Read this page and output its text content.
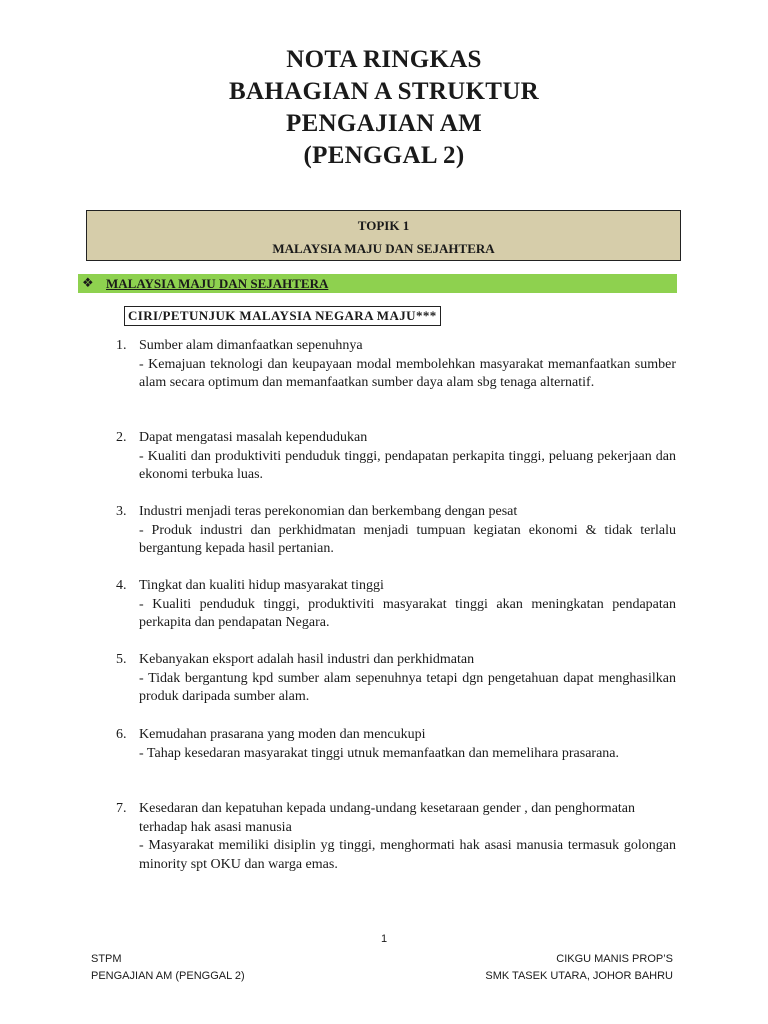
NOTA RINGKAS
BAHAGIAN A STRUKTUR
PENGAJIAN AM
(PENGGAL 2)
TOPIK 1
MALAYSIA MAJU DAN SEJAHTERA
❖ MALAYSIA MAJU DAN SEJAHTERA
CIRI/PETUNJUK MALAYSIA NEGARA MAJU***
1. Sumber alam dimanfaatkan sepenuhnya
- Kemajuan teknologi dan keupayaan modal membolehkan masyarakat memanfaatkan sumber alam secara optimum dan memanfaatkan sumber daya alam sbg tenaga alternatif.
2. Dapat mengatasi masalah kependudukan
- Kualiti dan produktiviti penduduk tinggi, pendapatan perkapita tinggi, peluang pekerjaan dan ekonomi terbuka luas.
3. Industri menjadi teras perekonomian dan berkembang dengan pesat
- Produk industri dan perkhidmatan menjadi tumpuan kegiatan ekonomi & tidak terlalu bergantung kepada hasil pertanian.
4. Tingkat dan kualiti hidup masyarakat tinggi
- Kualiti penduduk tinggi, produktiviti masyarakat tinggi akan meningkatan pendapatan perkapita dan pendapatan Negara.
5. Kebanyakan eksport adalah hasil industri dan perkhidmatan
- Tidak bergantung kpd sumber alam sepenuhnya tetapi dgn pengetahuan dapat menghasilkan produk daripada sumber alam.
6. Kemudahan prasarana yang moden dan mencukupi
- Tahap kesedaran masyarakat tinggi utnuk memanfaatkan dan memelihara prasarana.
7. Kesedaran dan kepatuhan kepada undang-undang kesetaraan gender , dan penghormatan terhadap hak asasi manusia
- Masyarakat memiliki disiplin yg tinggi, menghormati hak asasi manusia termasuk golongan minority spt OKU dan warga emas.
1
STPM
PENGAJIAN AM (PENGGAL 2)
CIKGU MANIS PROP’S
SMK TASEK UTARA, JOHOR BAHRU
